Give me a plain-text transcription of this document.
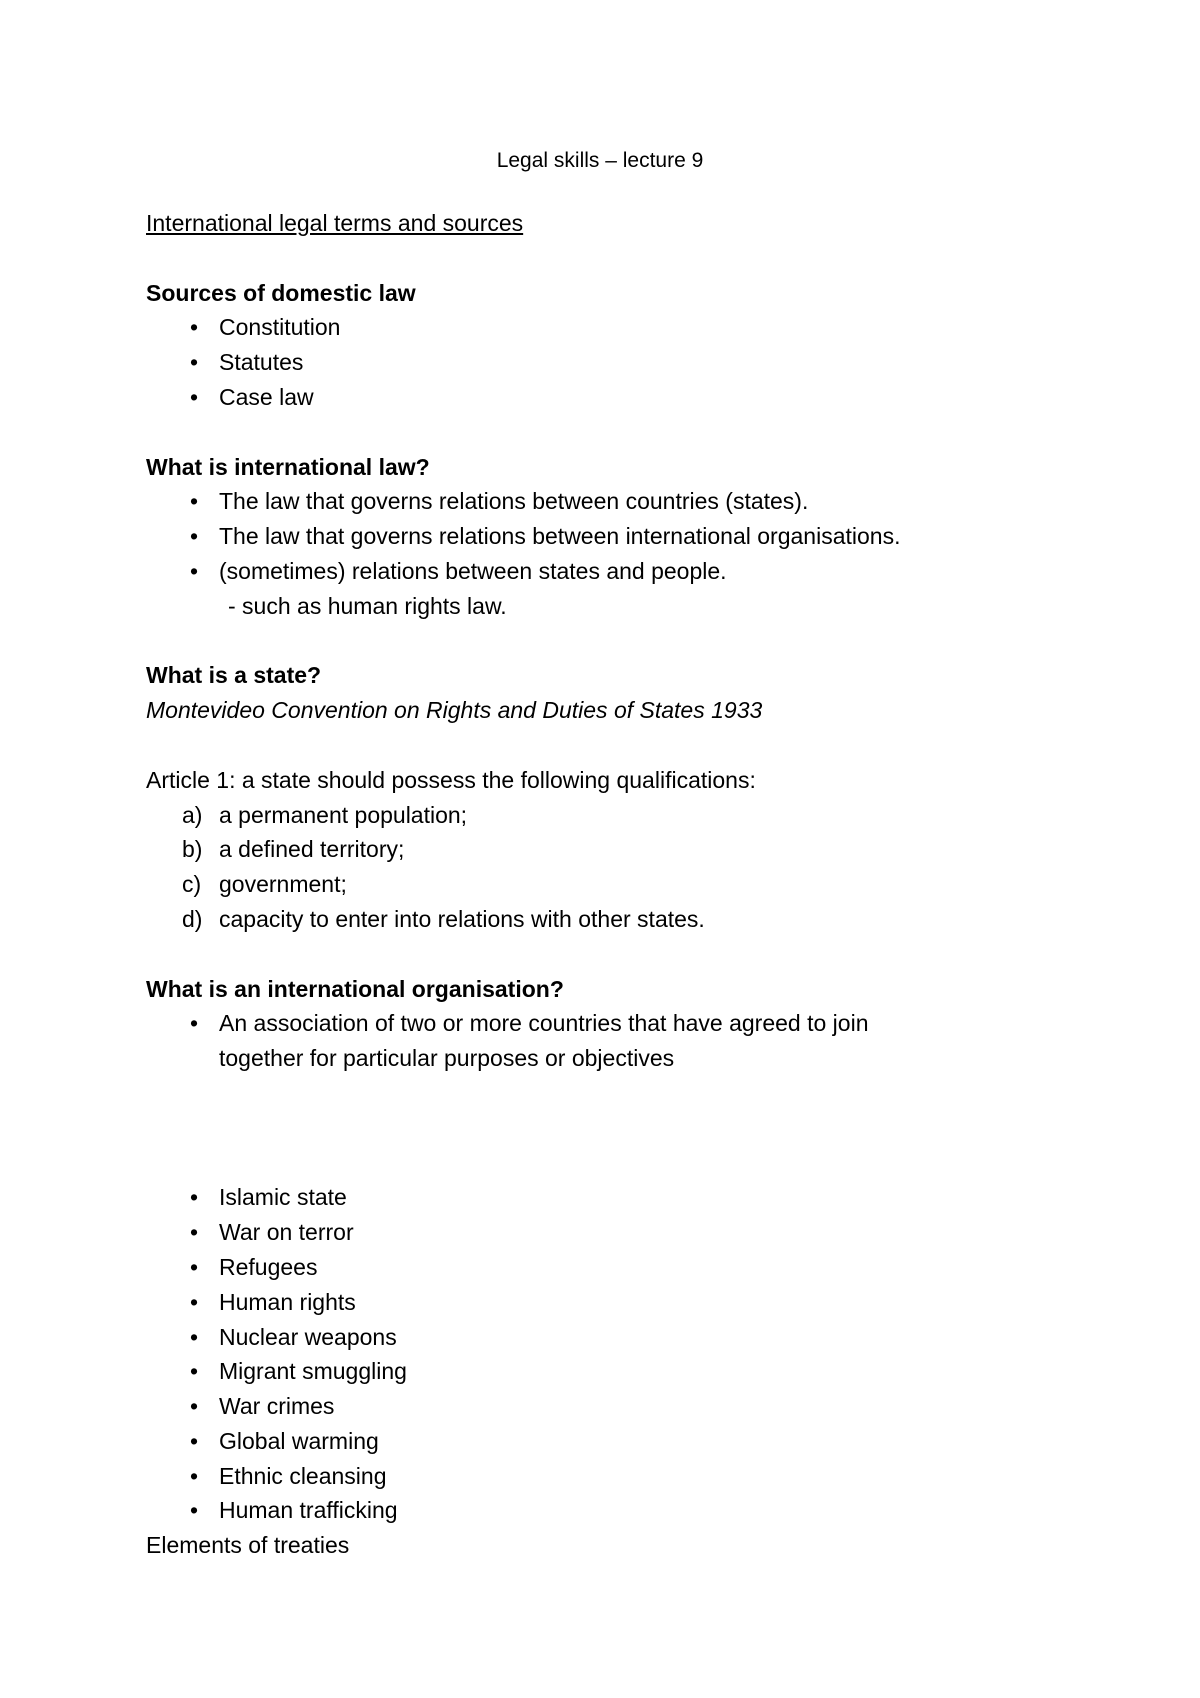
Legal skills – lecture 9
International legal terms and sources
Sources of domestic law
• Constitution
• Statutes
• Case law
What is international law?
• The law that governs relations between countries (states).
• The law that governs relations between international organisations.
• (sometimes) relations between states and people.
- such as human rights law.
What is a state?
Montevideo Convention on Rights and Duties of States 1933
Article 1: a state should possess the following qualifications:
a) a permanent population;
b) a defined territory;
c) government;
d) capacity to enter into relations with other states.
What is an international organisation?
• An association of two or more countries that have agreed to join together for particular purposes or objectives
• Islamic state
• War on terror
• Refugees
• Human rights
• Nuclear weapons
• Migrant smuggling
• War crimes
• Global warming
• Ethnic cleansing
• Human trafficking
Elements of treaties
